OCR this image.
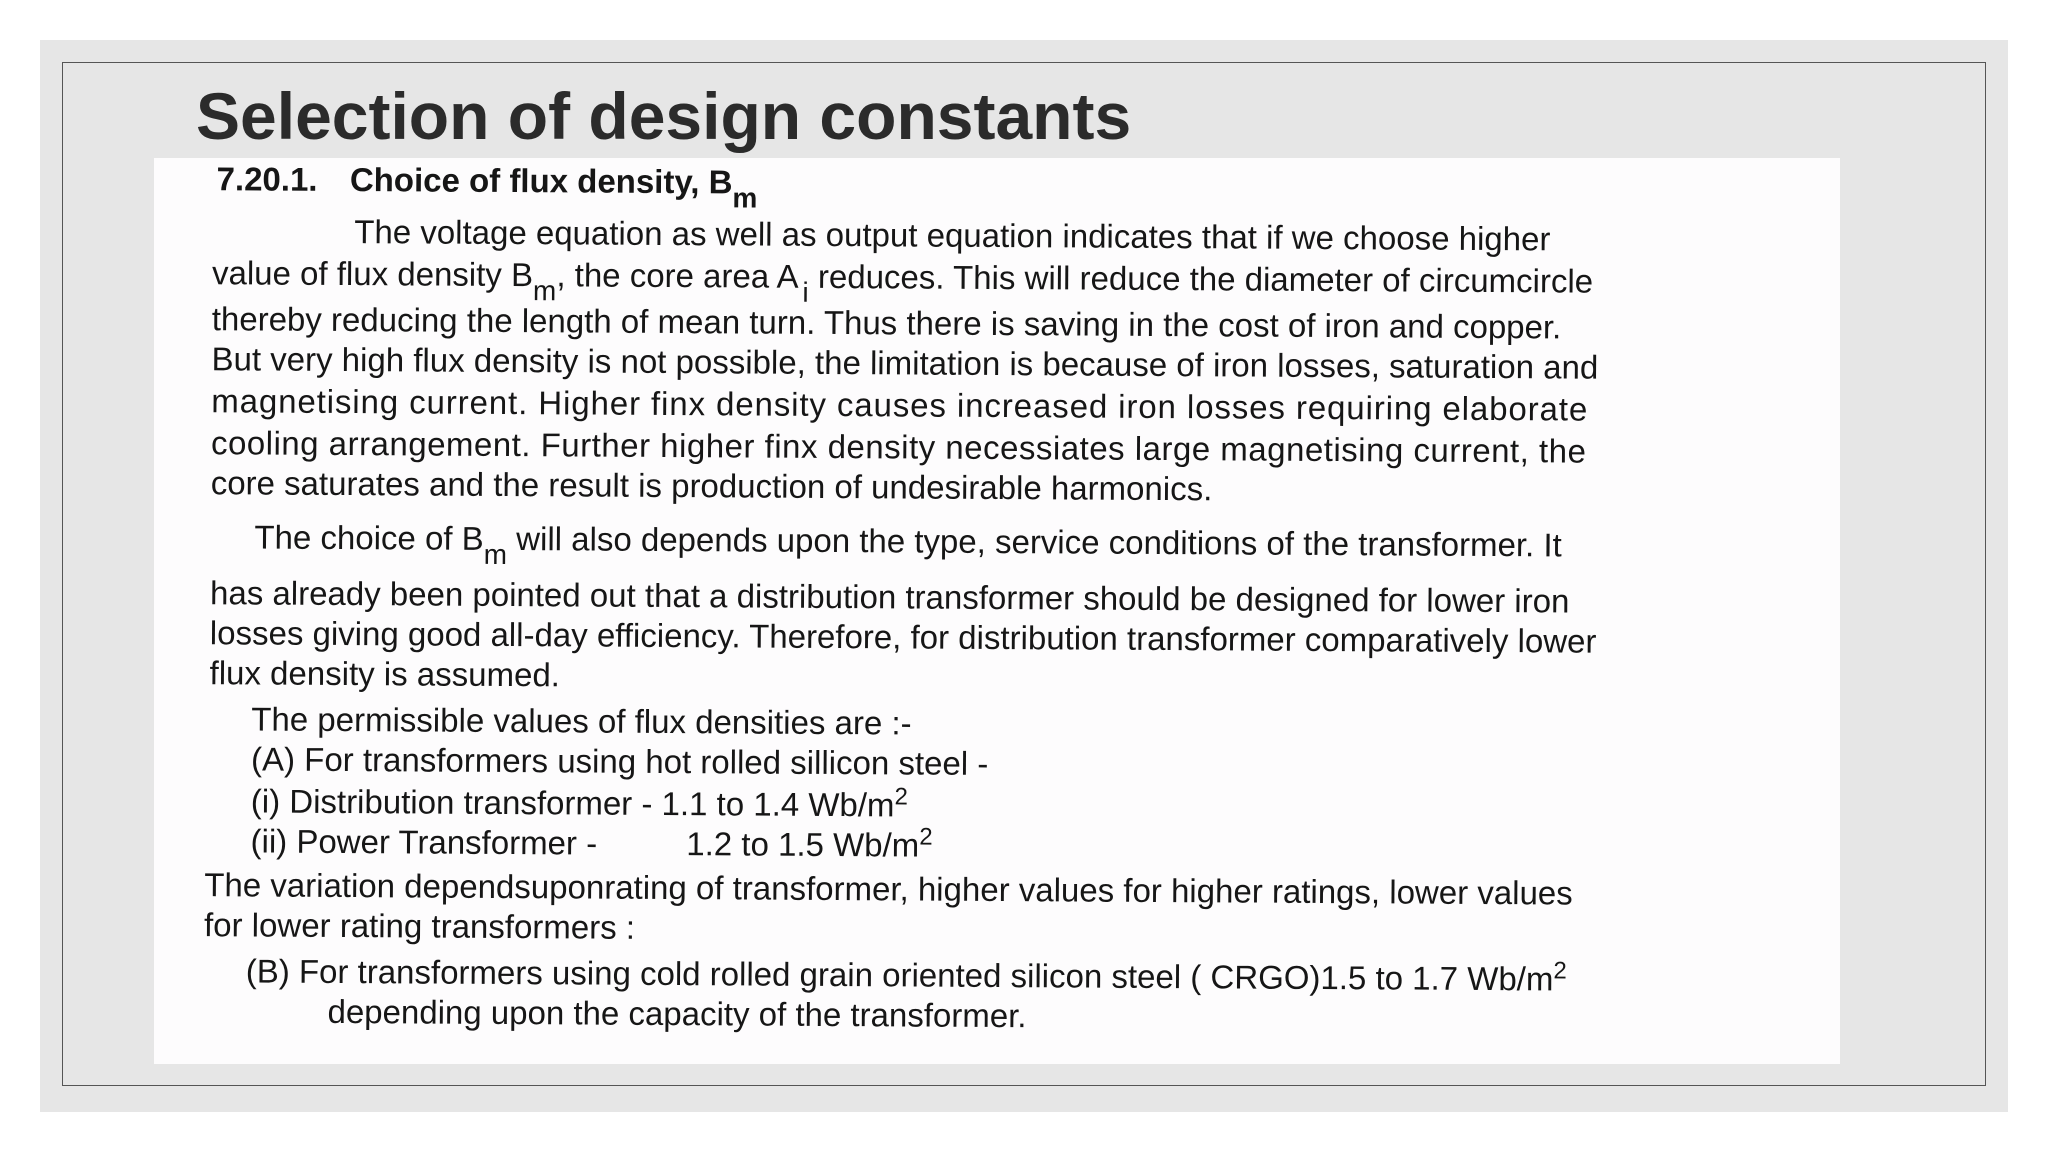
Selection of design constants

7.20.1. Choice of flux density, $B_m$

The voltage equation as well as output equation indicates that if we choose higher

value of flux density $B_m$, the core area A $_i$ reduces. This will reduce the diameter of circumcircle

thereby reducing the length of mean turn. Thus there is saving in the cost of iron and copper.

But very high flux density is not possible, the limitation is because of iron losses, saturation and

magnetising current. Higher finx density causes increased iron losses requiring elaborate

cooling arrangement. Further higher finx density necessiates large magnetising current, the

core saturates and the result is production of undesirable harmonics.

The choice of $B_m$ will also depends upon the type, service conditions of the transformer. It

has already been pointed out that a distribution transformer should be designed for lower iron

losses giving good all-day efficiency. Therefore, for distribution transformer comparatively lower

flux density is assumed.

The permissible values of flux densities are :-

(A) For transformers using hot rolled sillicon steel -

(i) Distribution transformer - 1.1 to 1.4 $Wb/m^2$

(ii) Power Transformer -	1.2 to 1.5 $Wb/m^2$

The variation dependsuponrating of transformer, higher values for higher ratings, lower values

for lower rating transformers :

(B) For transformers using cold rolled grain oriented silicon steel ( CRGO)1.5 to 1.7 $Wb/m^2$

depending upon the capacity of the transformer.
